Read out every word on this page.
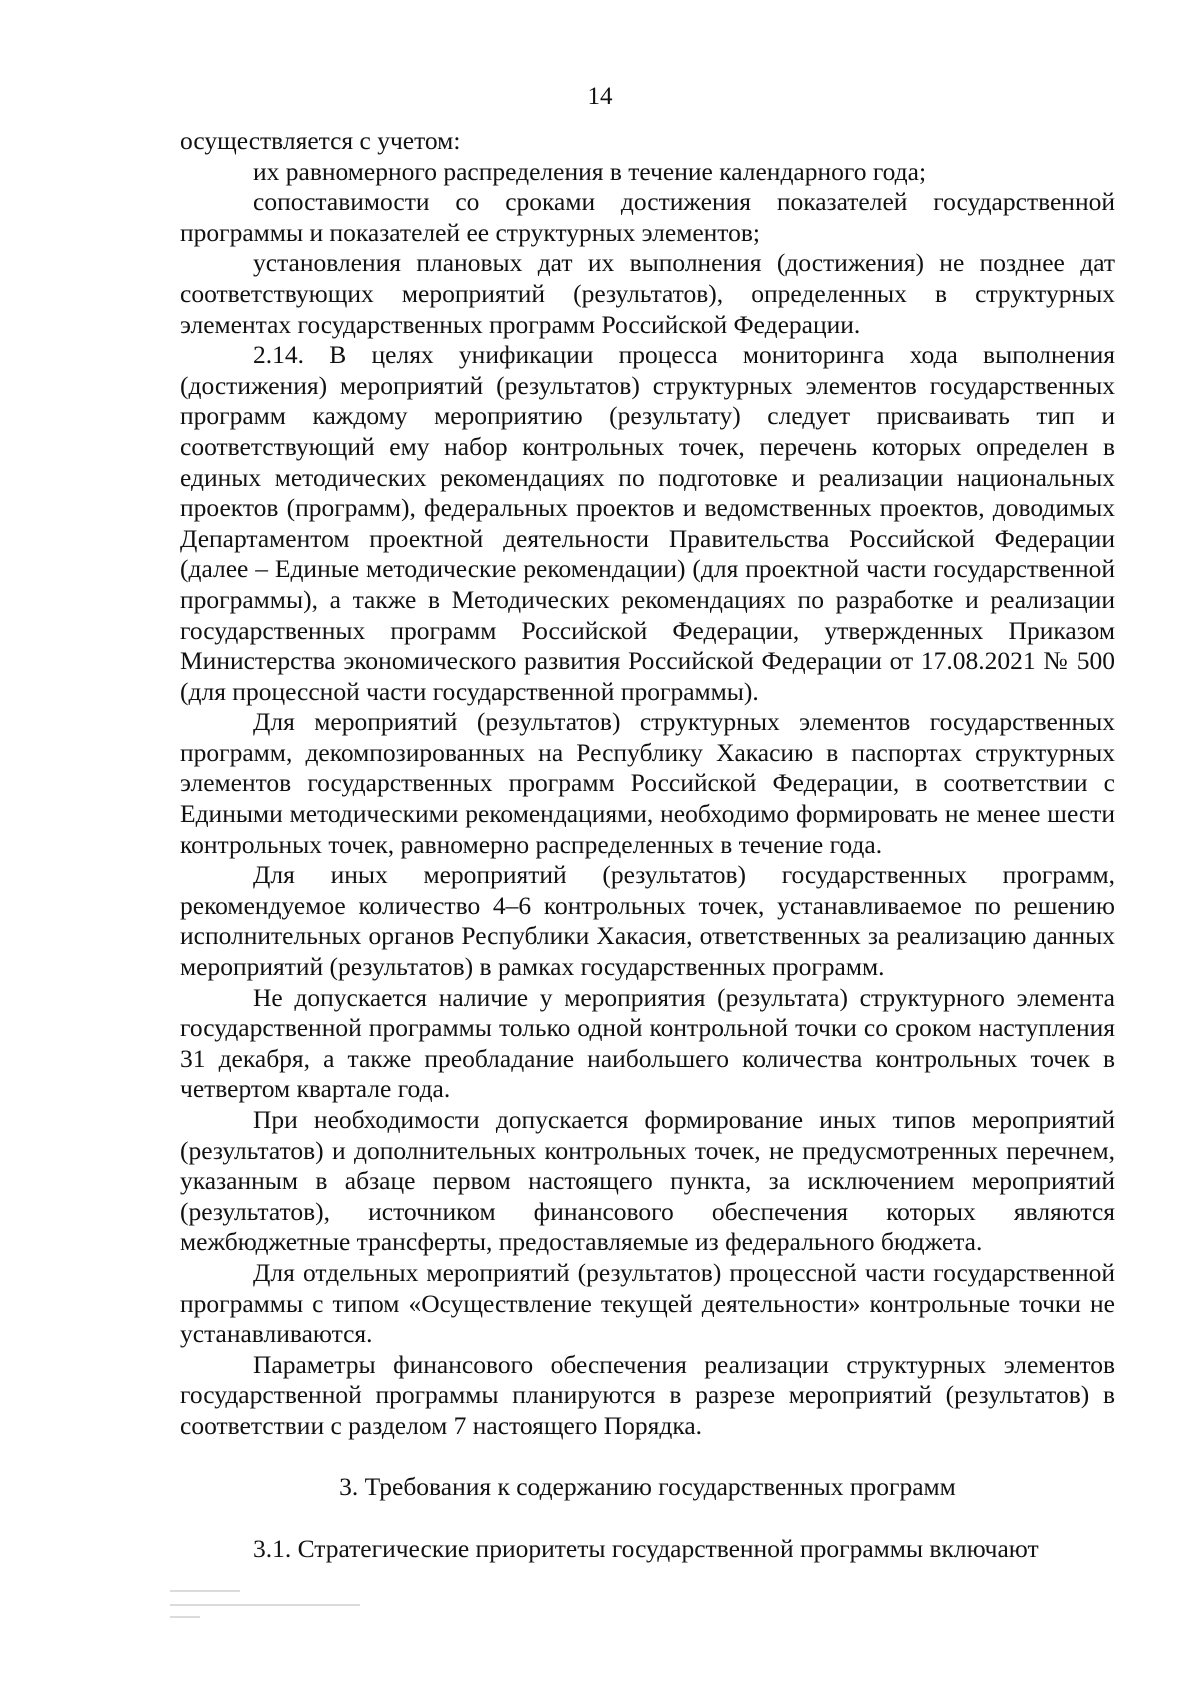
14

осуществляется с учетом:

их равномерного распределения в течение календарного года;

сопоставимости со сроками достижения показателей государственной программы и показателей ее структурных элементов;

установления плановых дат их выполнения (достижения) не позднее дат соответствующих мероприятий (результатов), определенных в структурных элементах государственных программ Российской Федерации.

2.14. В целях унификации процесса мониторинга хода выполнения (достижения) мероприятий (результатов) структурных элементов государственных программ каждому мероприятию (результату) следует присваивать тип и соответствующий ему набор контрольных точек, перечень которых определен в единых методических рекомендациях по подготовке и реализации национальных проектов (программ), федеральных проектов и ведомственных проектов, доводимых Департаментом проектной деятельности Правительства Российской Федерации (далее – Единые методические рекомендации) (для проектной части государственной программы), а также в Методических рекомендациях по разработке и реализации государственных программ Российской Федерации, утвержденных Приказом Министерства экономического развития Российской Федерации от 17.08.2021 № 500 (для процессной части государственной программы).

Для мероприятий (результатов) структурных элементов государственных программ, декомпозированных на Республику Хакасию в паспортах структурных элементов государственных программ Российской Федерации, в соответствии с Едиными методическими рекомендациями, необходимо формировать не менее шести контрольных точек, равномерно распределенных в течение года.

Для иных мероприятий (результатов) государственных программ, рекомендуемое количество 4–6 контрольных точек, устанавливаемое по решению исполнительных органов Республики Хакасия, ответственных за реализацию данных мероприятий (результатов) в рамках государственных программ.

Не допускается наличие у мероприятия (результата) структурного элемента государственной программы только одной контрольной точки со сроком наступления 31 декабря, а также преобладание наибольшего количества контрольных точек в четвертом квартале года.

При необходимости допускается формирование иных типов мероприятий (результатов) и дополнительных контрольных точек, не предусмотренных перечнем, указанным в абзаце первом настоящего пункта, за исключением мероприятий (результатов), источником финансового обеспечения которых являются межбюджетные трансферты, предоставляемые из федерального бюджета.

Для отдельных мероприятий (результатов) процессной части государственной программы с типом «Осуществление текущей деятельности» контрольные точки не устанавливаются.

Параметры финансового обеспечения реализации структурных элементов государственной программы планируются в разрезе мероприятий (результатов) в соответствии с разделом 7 настоящего Порядка.

3. Требования к содержанию государственных программ

3.1. Стратегические приоритеты государственной программы включают
